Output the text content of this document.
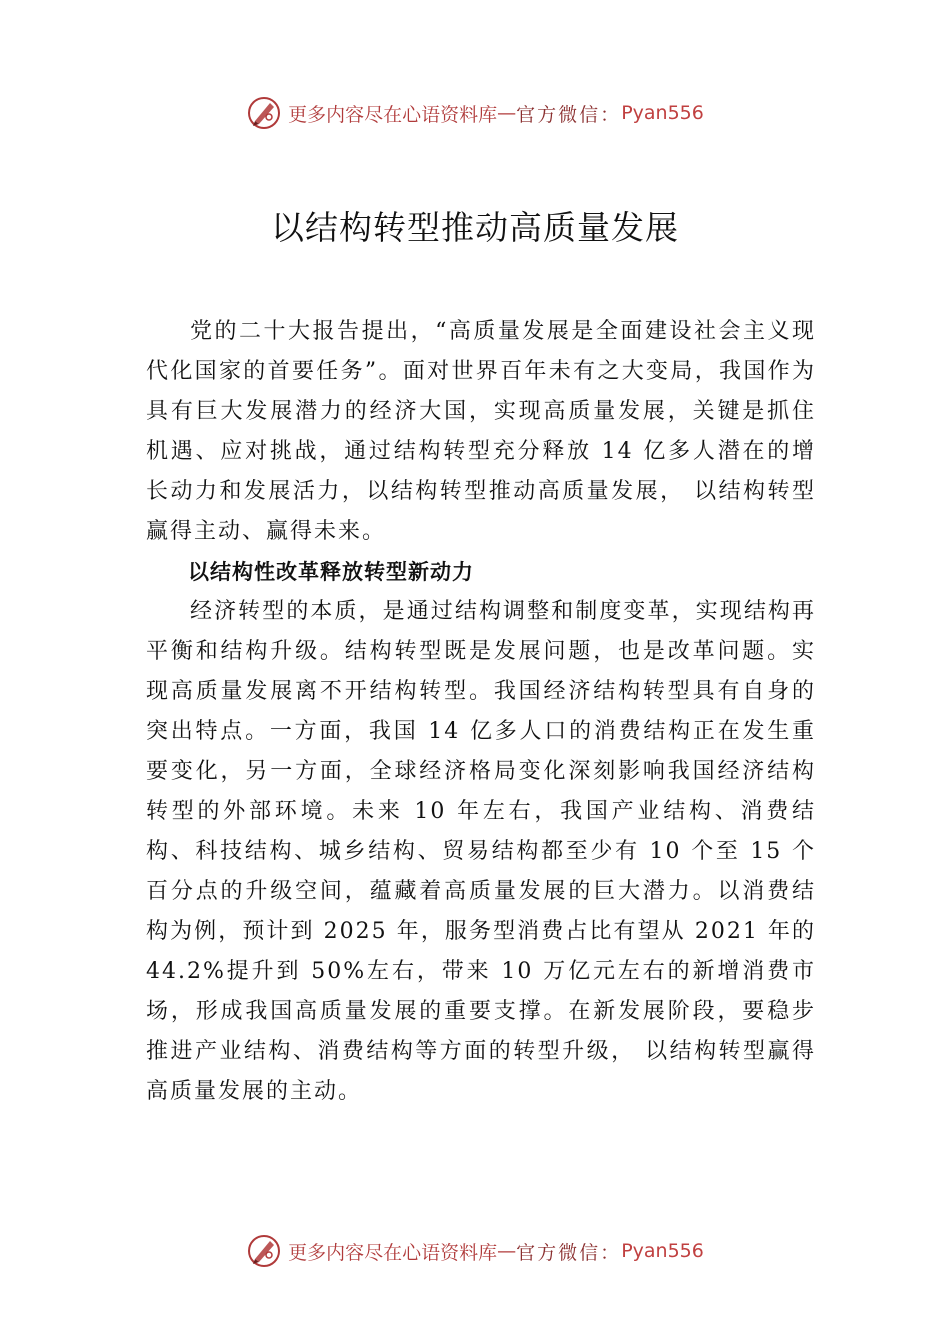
更多内容尽在心语资料库 — 官方微信： Pyan556
以结构转型推动高质量发展

党的二十大报告提出，“高质量发展是全面建设社会主义现代化国家的首要任务”。面对世界百年未有之大变局，我国作为具有巨大发展潜力的经济大国，实现高质量发展，关键是抓住机遇、应对挑战，通过结构转型充分释放 14 亿多人潜在的增长动力和发展活力，以结构转型推动高质量发展， 以结构转型赢得主动、赢得未来。

以结构性改革释放转型新动力

经济转型的本质，是通过结构调整和制度变革，实现结构再平衡和结构升级。结构转型既是发展问题，也是改革问题。实现高质量发展离不开结构转型。我国经济结构转型具有自身的突出特点。一方面，我国 14 亿多人口的消费结构正在发生重要变化，另一方面，全球经济格局变化深刻影响我国经济结构转型的外部环境。未来 10 年左右，我国产业结构、消费结构、科技结构、城乡结构、贸易结构都至少有 10 个至 15 个百分点的升级空间，蕴藏着高质量发展的巨大潜力。以消费结构为例，预计到 2025 年，服务型消费占比有望从 2021 年的 44.2%提升到 50%左右，带来 10 万亿元左右的新增消费市场，形成我国高质量发展的重要支撑。在新发展阶段，要稳步推进产业结构、消费结构等方面的转型升级， 以结构转型赢得高质量发展的主动。

更多内容尽在心语资料库 — 官方微信： Pyan556
